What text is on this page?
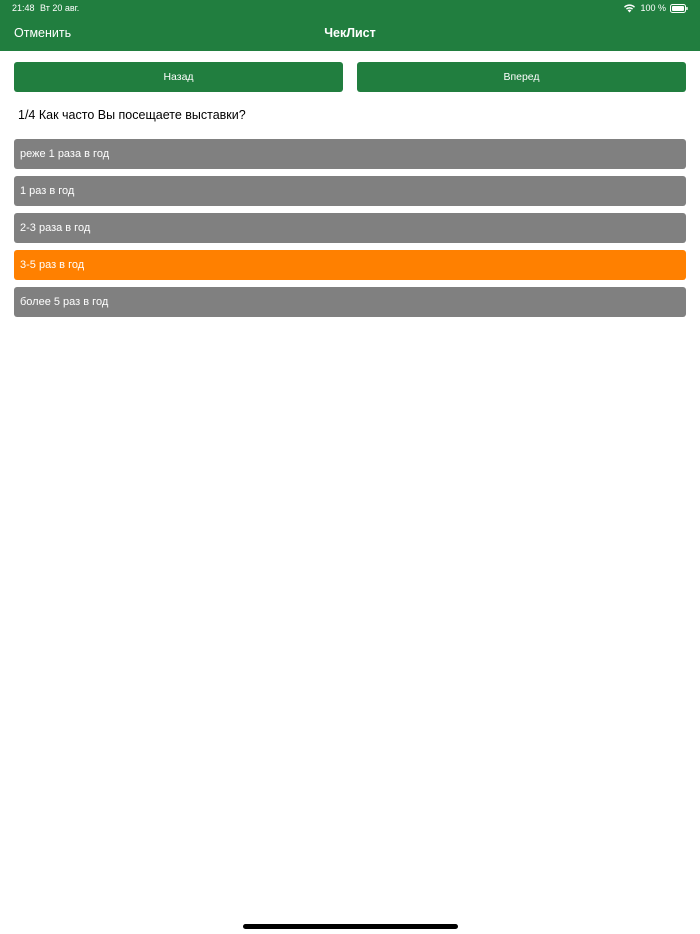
21:48 Вт 20 авг.	100 %
Отменить	ЧекЛист
Назад	Вперед
1/4 Как часто Вы посещаете выставки?
реже 1 раза в год
1 раз в год
2-3 раза в год
3-5 раз в год
более 5 раз в год
